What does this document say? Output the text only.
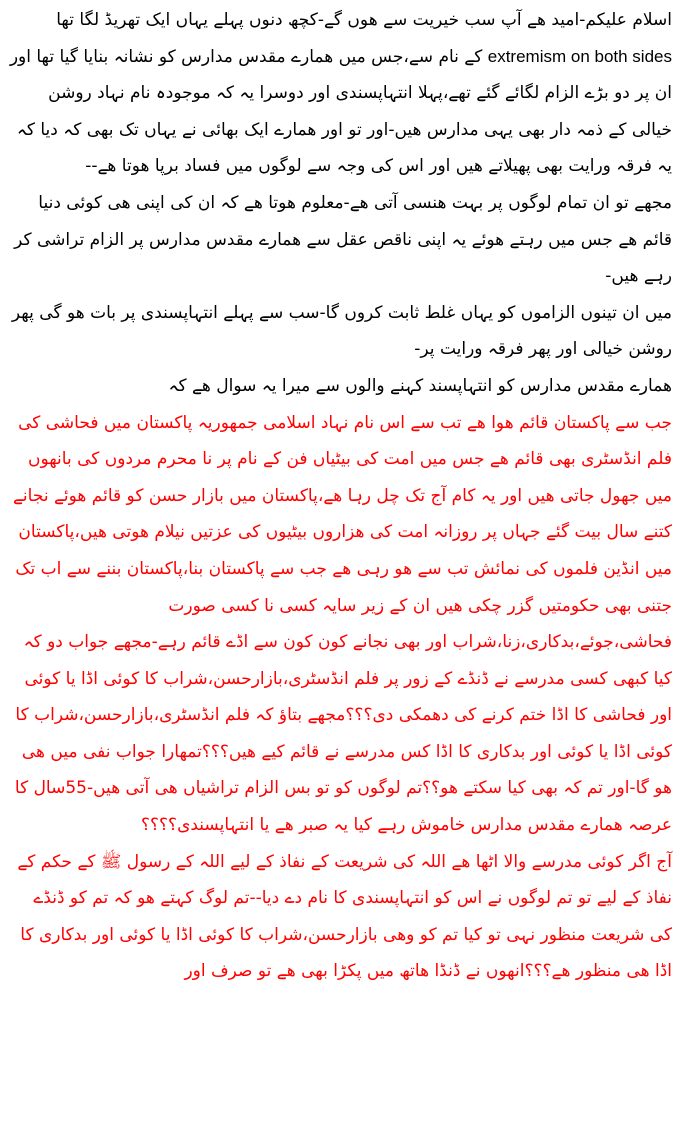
اسلام علیکم-امید ھے آپ سب خیریت سے ھوں گے-کچھ دنوں پہلے یہاں ایک تھریڈ لگا تھا extremism on both sides کے نام سے،جس میں ھمارے مقدس مدارس کو نشانہ بنایا گیا تھا اور ان پر دو بڑے الزام لگائے گئے تھے،پہلا انتہاپسندی اور دوسرا یہ کہ موجودہ نام نہاد روشن خیالی کے ذمہ دار بھی یہی مدارس ھیں-اور تو اور ھمارے ایک بھائی نے یہاں تک بھی کہ دیا کہ یہ فرقہ ورایت بھی پھیلاتے ھیں اور اس کی وجہ سے لوگوں میں فساد برپا ھوتا ھے--

مجھے تو ان تمام لوگوں پر بہت ھنسی آتی ھے-معلوم ھوتا ھے کہ ان کی اپنی ھی کوئی دنیا قائم ھے جس میں رہتے ھوئے یہ اپنی ناقص عقل سے ھمارے مقدس مدارس پر الزام تراشی کر رہے ھیں-

میں ان تینوں الزاموں کو یہاں غلط ثابت کروں گا-سب سے پہلے انتہاپسندی پر بات ھو گی پھر روشن خیالی اور پھر فرقہ ورایت پر-

ھمارے مقدس مدارس کو انتہاپسند کہنے والوں سے میرا یہ سوال ھے کہ

جب سے پاکستان قائم ھوا ھے تب سے اس نام نہاد اسلامی جمھوریہ پاکستان میں فحاشی کی فلم انڈسٹری بھی قائم ھے جس میں امت کی بیٹیاں فن کے نام پر نا محرم مردوں کی بانھوں میں جھول جاتی ھیں اور یہ کام آج تک چل رہا ھے،پاکستان میں بازار حسن کو قائم ھوئے نجانے کتنے سال بیت گئے جہاں پر روزانہ امت کی ھزاروں بیٹیوں کی عزتیں نیلام ھوتی ھیں،پاکستان میں انڈین فلموں کی نمائش تب سے ھو رہی ھے جب سے پاکستان بنا،پاکستان بننے سے اب تک جتنی بھی حکومتیں گزر چکی ھیں ان کے زیر سایہ کسی نا کسی صورت فحاشی،جوئے،بدکاری،زنا،شراب اور بھی نجانے کون کون سے اڈے قائم رہے-مجھے جواب دو کہ کیا کبھی کسی مدرسے نے ڈنڈے کے زور پر فلم انڈسٹری،بازارحسن،شراب کا کوئی اڈا یا کوئی اور فحاشی کا اڈا ختم کرنے کی دھمکی دی؟؟؟مجھے بتاؤ کہ فلم انڈسٹری،بازارحسن،شراب کا کوئی اڈا یا کوئی اور بدکاری کا اڈا کس مدرسے نے قائم کیے ھیں؟؟؟تمھارا جواب نفی میں ھی ھو گا-اور تم کہ بھی کیا سکتے ھو؟؟تم لوگوں کو تو بس الزام تراشیاں ھی آتی ھیں-55سال کا عرصہ ھمارے مقدس مدارس خاموش رہے کیا یہ صبر ھے یا انتہاپسندی؟؟؟؟

آج اگر کوئی مدرسے والا اٹھا ھے اللہ کی شریعت کے نفاذ کے لیے اللہ کے رسول ﷺ کے حکم کے نفاذ کے لیے تو تم لوگوں نے اس کو انتہاپسندی کا نام دے دیا--تم لوگ کہتے ھو کہ تم کو ڈنڈے کی شریعت منظور نہی تو کیا تم کو وھی بازارحسن،شراب کا کوئی اڈا یا کوئی اور بدکاری کا اڈا ھی منظور ھے؟؟؟انھوں نے ڈنڈا ھاتھ میں پکڑا بھی ھے تو صرف اور
